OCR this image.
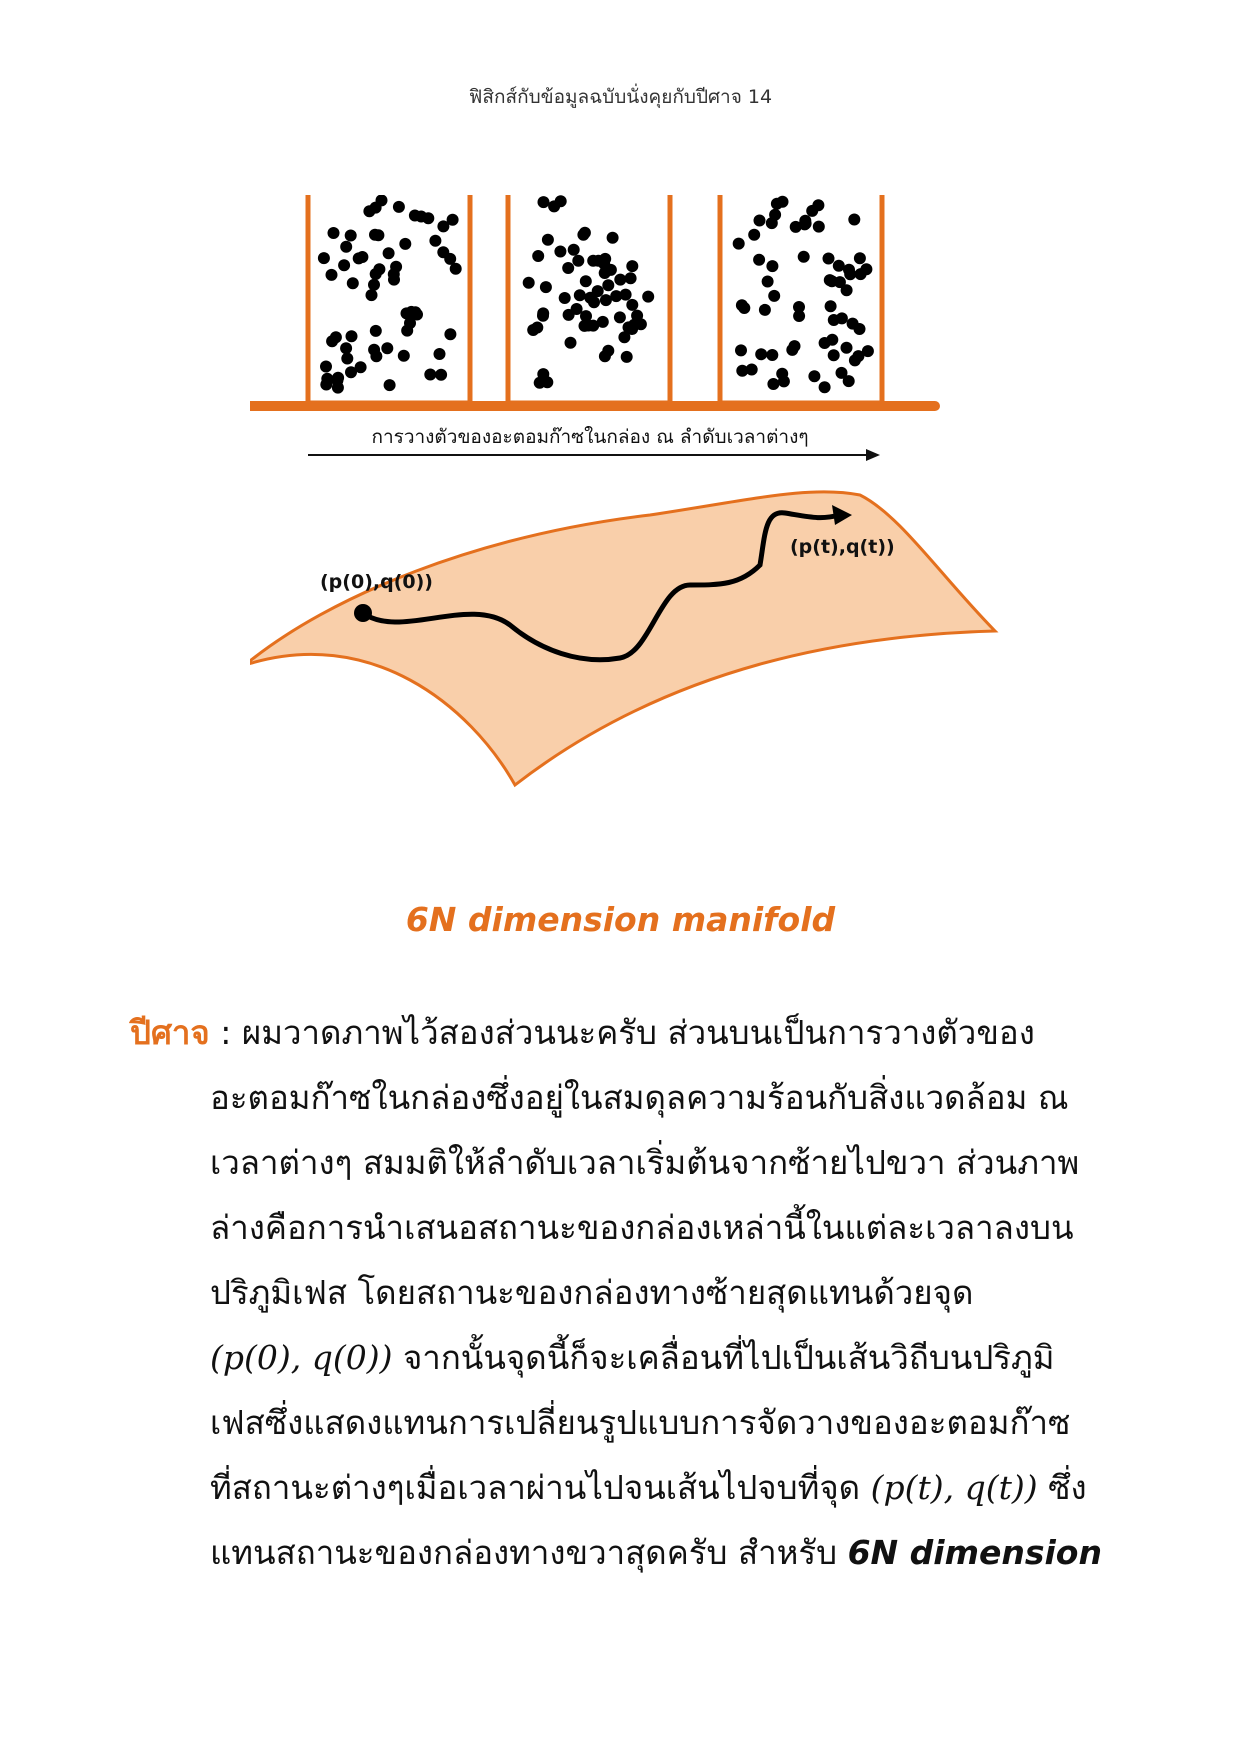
ฟิสิกส์กับข้อมูลฉบับนั่งคุยกับปีศาจ 14
การวางตัวของอะตอมก๊าซในกล่อง ณ ลำดับเวลาต่างๆ
(p(0),q(0))
(p(t),q(t))
6N dimension manifold
ปีศาจ : ผมวาดภาพไว้สองส่วนนะครับ ส่วนบนเป็นการวางตัวของ
อะตอมก๊าซในกล่องซึ่งอยู่ในสมดุลความร้อนกับสิ่งแวดล้อม ณ
เวลาต่างๆ สมมติให้ลำดับเวลาเริ่มต้นจากซ้ายไปขวา ส่วนภาพ
ล่างคือการนำเสนอสถานะของกล่องเหล่านี้ในแต่ละเวลาลงบน
ปริภูมิเฟส โดยสถานะของกล่องทางซ้ายสุดแทนด้วยจุด
(p(0), q(0)) จากนั้นจุดนี้ก็จะเคลื่อนที่ไปเป็นเส้นวิถีบนปริภูมิ
เฟสซึ่งแสดงแทนการเปลี่ยนรูปแบบการจัดวางของอะตอมก๊าซ
ที่สถานะต่างๆเมื่อเวลาผ่านไปจนเส้นไปจบที่จุด (p(t), q(t)) ซึ่ง
แทนสถานะของกล่องทางขวาสุดครับ สำหรับ 6N dimension
